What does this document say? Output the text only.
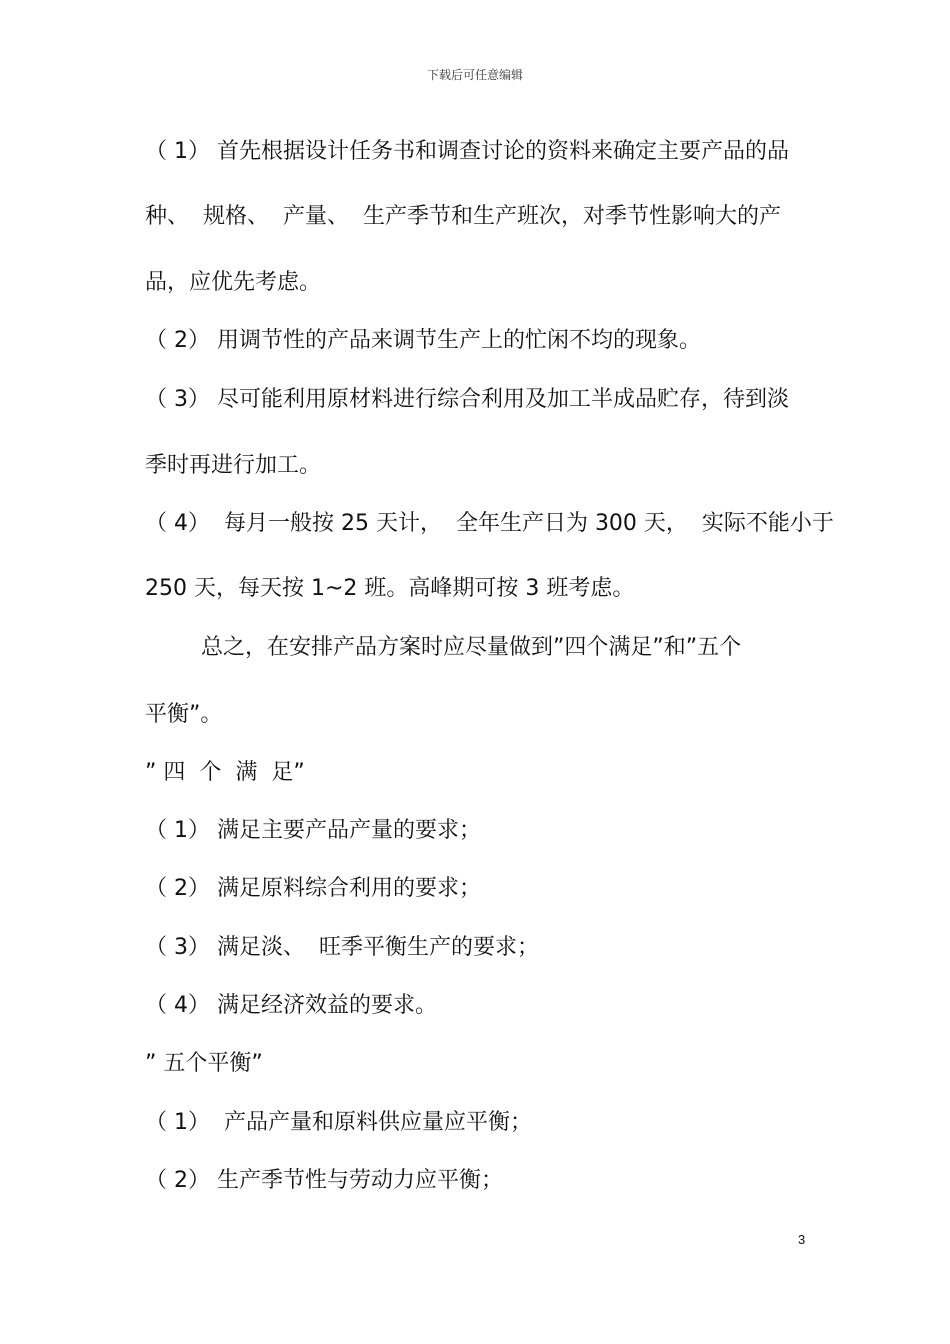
下载后可任意编辑
（ 1） 首先根据设计任务书和调查讨论的资料来确定主要产品的品
种、  规格、  产量、  生产季节和生产班次，对季节性影响大的产
品，应优先考虑。
（ 2） 用调节性的产品来调节生产上的忙闲不均的现象。
（ 3） 尽可能利用原材料进行综合利用及加工半成品贮存，待到淡
季时再进行加工。
（ 4）  每月一般按 25 天计，  全年生产日为 300 天，  实际不能小于
250 天，每天按 1~2 班。高峰期可按 3 班考虑。
总之，在安排产品方案时应尽量做到”四个满足”和”五个
平衡”。
” 四  个  满  足”
（ 1） 满足主要产品产量的要求；
（ 2） 满足原料综合利用的要求；
（ 3） 满足淡、  旺季平衡生产的要求；
（ 4） 满足经济效益的要求。
” 五个平衡”
（ 1）  产品产量和原料供应量应平衡；
（ 2） 生产季节性与劳动力应平衡；
3
